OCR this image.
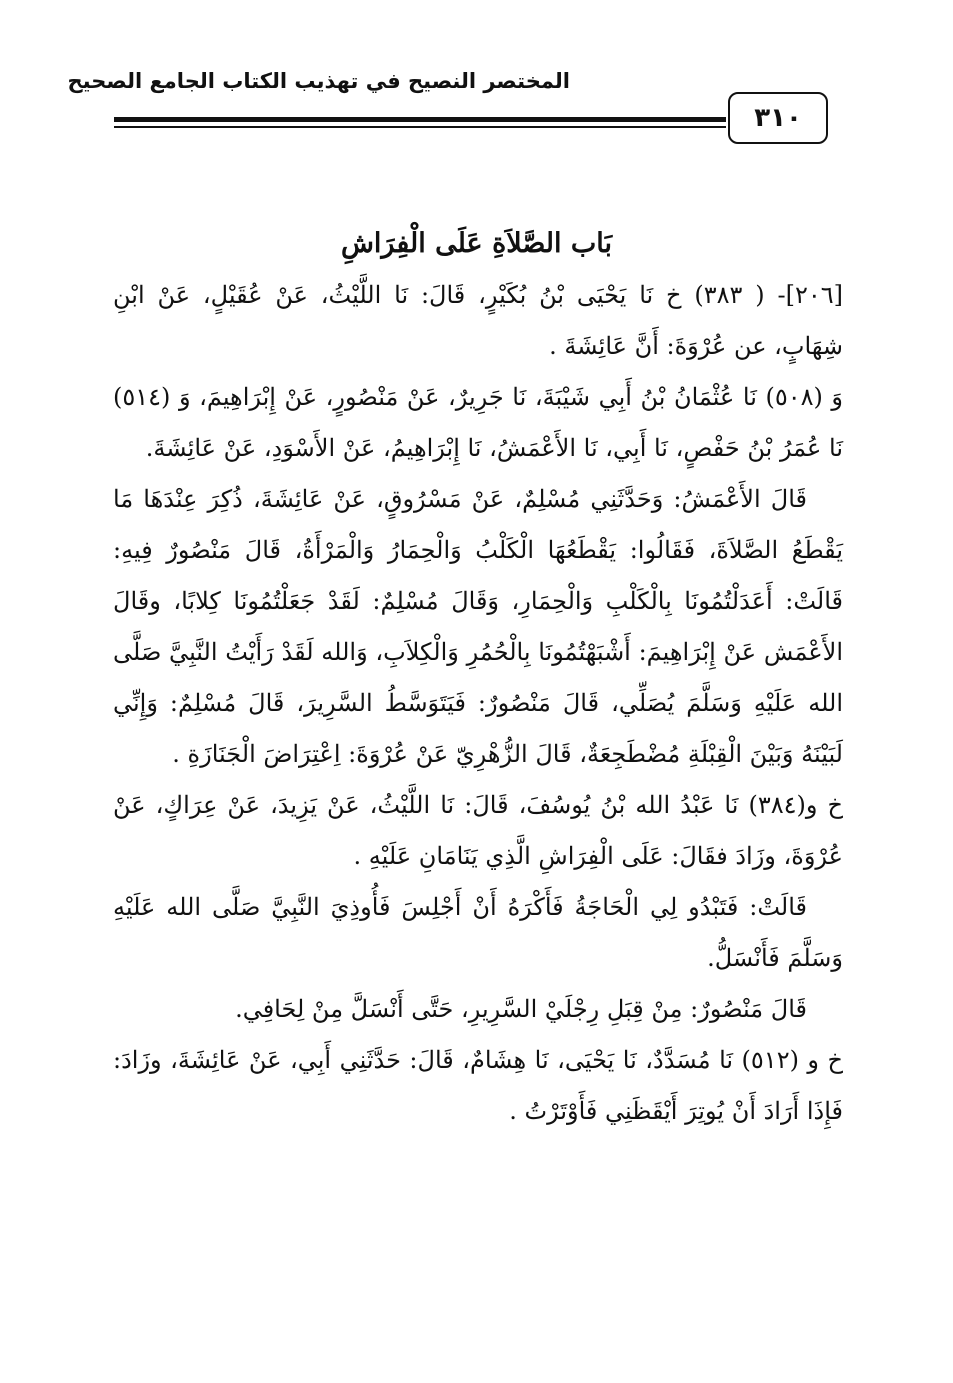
المختصر النصيح في تهذيب الكتاب الجامع الصحيح
٣١٠
بَاب الصَّلاَةِ عَلَى الْفِرَاشِ

[٢٠٦]- ( ٣٨٣) خ نَا يَحْيَى بْنُ بُكَيْرٍ، قَالَ: نَا اللَّيْثُ، عَنْ عُقَيْلٍ، عَنْ ابْنِ شِهَابٍ، عن عُرْوَةَ: أَنَّ عَائِشَةَ .

وَ (٥٠٨) نَا عُثْمَانُ بْنُ أَبِي شَيْبَةَ، نَا جَرِيرٌ، عَنْ مَنْصُورٍ، عَنْ إِبْرَاهِيمَ، وَ (٥١٤) نَا عُمَرُ بْنُ حَفْصٍ، نَا أَبِي، نَا الأَعْمَشُ، نَا إِبْرَاهِيمُ، عَنْ الأَسْوَدِ، عَنْ عَائِشَةَ.

قَالَ الأَعْمَشُ: وَحَدَّثَنِي مُسْلِمٌ، عَنْ مَسْرُوقٍ، عَنْ عَائِشَةَ، ذُكِرَ عِنْدَهَا مَا يَقْطَعُ الصَّلاَةَ، فَقَالُوا: يَقْطَعُهَا الْكَلْبُ وَالْحِمَارُ وَالْمَرْأَةُ، قَالَ مَنْصُورٌ فِيهِ: قَالَتْ: أَعَدَلْتُمُونَا بِالْكَلْبِ وَالْحِمَارِ، وَقَالَ مُسْلِمٌ: لَقَدْ جَعَلْتُمُونَا كِلابًا، وقَالَ الأَعْمَش عَنْ إِبْرَاهِيمَ: أَشْبَهْتُمُونَا بِالْحُمُرِ وَالْكِلاَبِ، وَالله لَقَدْ رَأَيْتُ النَّبِيَّ صَلَّى الله عَلَيْهِ وَسَلَّمَ يُصَلِّي، قَالَ مَنْصُورٌ: فَيَتَوَسَّطُ السَّرِيرَ، قَالَ مُسْلِمٌ: وَإِنِّي لَبَيْنَهُ وَبَيْنَ الْقِبْلَةِ مُضْطَجِعَةٌ، قَالَ الزُّهْرِيّ عَنْ عُرْوَةَ: اِعْتِرَاضَ الْجَنَازَةِ .

خ و(٣٨٤) نَا عَبْدُ الله بْنُ يُوسُفَ، قَالَ: نَا اللَّيْثُ، عَنْ يَزِيدَ، عَنْ عِرَاكٍ، عَنْ عُرْوَةَ، وزَادَ فقَالَ: عَلَى الْفِرَاشِ الَّذِي يَنَامَانِ عَلَيْهِ .

قَالَتْ: فَتَبْدُو لِي الْحَاجَةُ فَأَكْرَهُ أَنْ أَجْلِسَ فَأُوذِيَ النَّبِيَّ صَلَّى الله عَلَيْهِ وَسَلَّمَ فَأَنْسَلُّ.

قَالَ مَنْصُورٌ: مِنْ قِبَلِ رِجْلَيْ السَّرِيرِ، حَتَّى أَنْسَلَّ مِنْ لِحَافِي.

خ و (٥١٢) نَا مُسَدَّدٌ، نَا يَحْيَى، نَا هِشَامٌ، قَالَ: حَدَّثَنِي أَبِي، عَنْ عَائِشَةَ، وزَادَ: فَإِذَا أَرَادَ أَنْ يُوتِرَ أَيْقَظَنِي فَأَوْتَرْتُ .
